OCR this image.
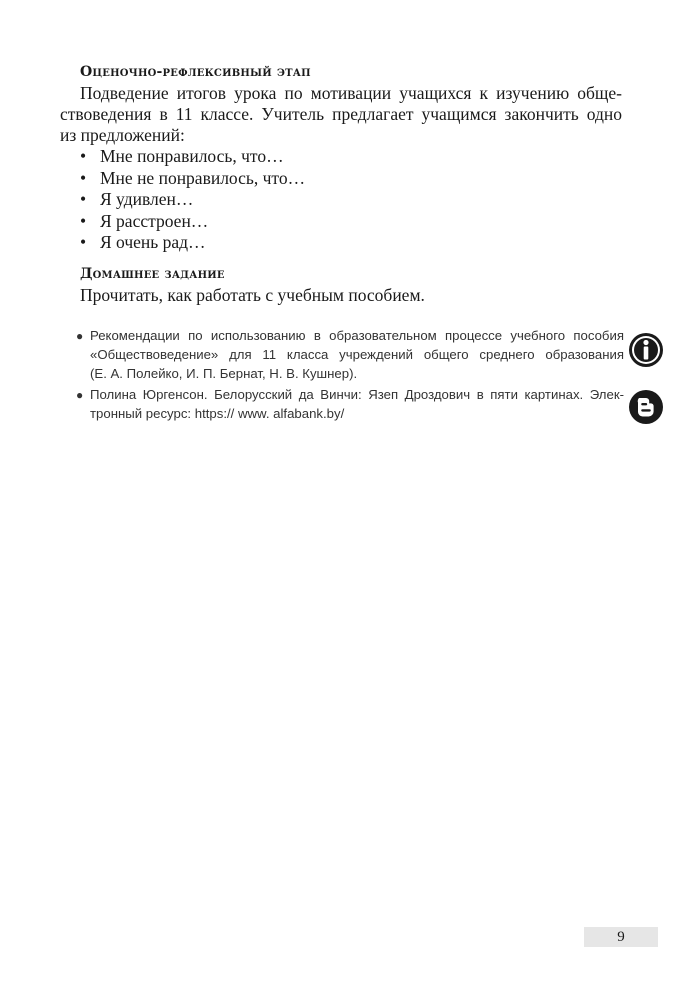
Оценочно-рефлексивный этап
Подведение итогов урока по мотивации учащихся к изучению обще-
ствоведения в 11 классе. Учитель предлагает учащимся закончить одно
из предложений:
• Мне понравилось, что…
• Мне не понравилось, что…
• Я удивлен…
• Я расстроен…
• Я очень рад…
Домашнее задание
Прочитать, как работать с учебным пособием.
● Рекомендации по использованию в образовательном процессе учебного пособия
«Обществоведение» для 11 класса учреждений общего среднего образования
(Е. А. Полейко, И. П. Бернат, Н. В. Кушнер).
● Полина Юргенсон. Белорусский да Винчи: Язеп Дроздович в пяти картинах. Элек-
тронный ресурс: https:// www. alfabank.by/
9
